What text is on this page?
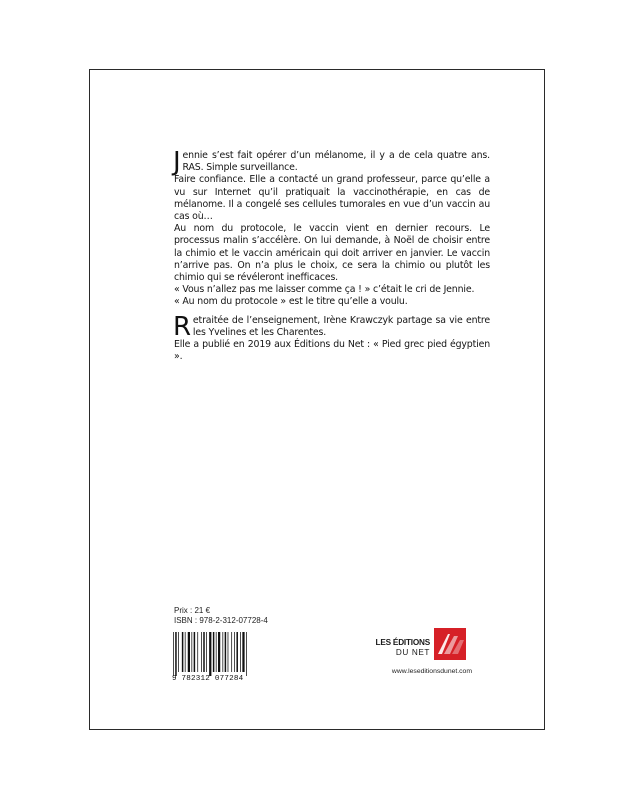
Jennie s’est fait opérer d’un mélanome, il y a de cela quatre ans. RAS. Simple surveillance.

Faire confiance. Elle a contacté un grand professeur, parce qu’elle a vu sur Internet qu’il pratiquait la vaccinothérapie, en cas de mélanome. Il a congelé ses cellules tumorales en vue d’un vaccin au cas où…

Au nom du protocole, le vaccin vient en dernier recours. Le processus malin s’accélère. On lui demande, à Noël de choisir entre la chimio et le vaccin américain qui doit arriver en janvier. Le vaccin n’arrive pas. On n’a plus le choix, ce sera la chimio ou plutôt les chimio qui se révéleront inefficaces.

« Vous n’allez pas me laisser comme ça ! » c’était le cri de Jennie.

« Au nom du protocole » est le titre qu’elle a voulu.

Retraitée de l’enseignement, Irène Krawczyk partage sa vie entre les Yvelines et les Charentes.

Elle a publié en 2019 aux Éditions du Net : « Pied grec pied égyptien ».

Prix : 21 €
ISBN : 978-2-312-07728-4
9 782312 077284
LES ÉDITIONS
DU NET
www.leseditionsdunet.com
